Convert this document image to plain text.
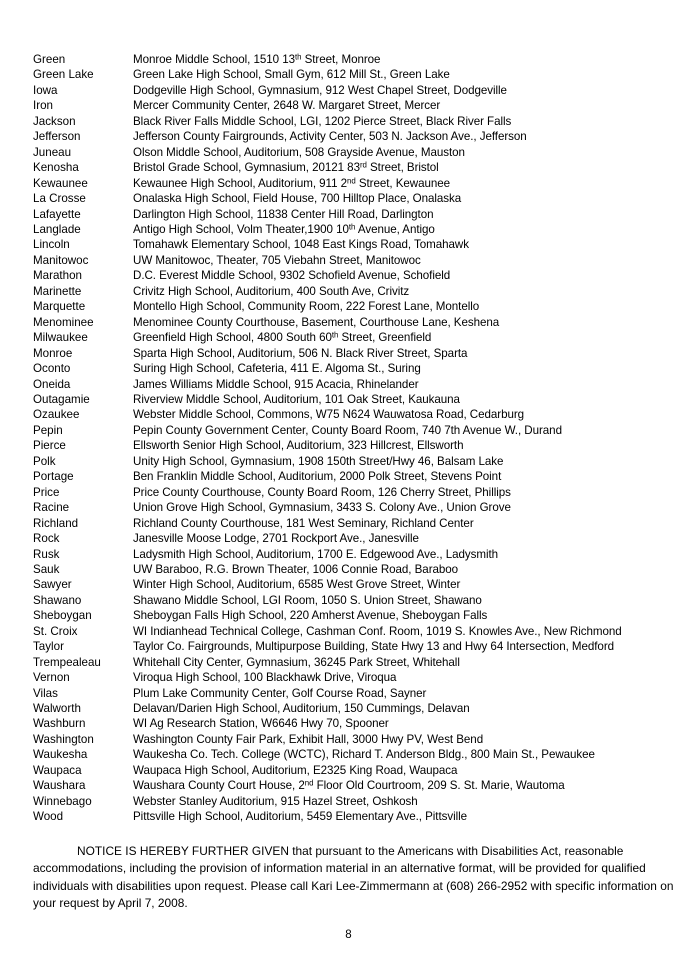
Green	Monroe Middle School, 1510 13th Street, Monroe
Green Lake	Green Lake High School, Small Gym, 612 Mill St., Green Lake
Iowa	Dodgeville High School, Gymnasium, 912 West Chapel Street, Dodgeville
Iron	Mercer Community Center, 2648 W. Margaret Street, Mercer
Jackson	Black River Falls Middle School, LGI, 1202 Pierce Street, Black River Falls
Jefferson	Jefferson County Fairgrounds, Activity Center, 503 N. Jackson Ave., Jefferson
Juneau	Olson Middle School, Auditorium, 508 Grayside Avenue, Mauston
Kenosha	Bristol Grade School, Gymnasium, 20121 83rd Street, Bristol
Kewaunee	Kewaunee High School, Auditorium, 911 2nd Street, Kewaunee
La Crosse	Onalaska High School, Field House, 700 Hilltop Place, Onalaska
Lafayette	Darlington High School, 11838 Center Hill Road, Darlington
Langlade	Antigo High School, Volm Theater,1900 10th Avenue, Antigo
Lincoln	Tomahawk Elementary School, 1048 East Kings Road, Tomahawk
Manitowoc	UW Manitowoc, Theater, 705 Viebahn Street, Manitowoc
Marathon	D.C. Everest Middle School, 9302 Schofield Avenue, Schofield
Marinette	Crivitz High School, Auditorium, 400 South Ave, Crivitz
Marquette	Montello High School, Community Room, 222 Forest Lane, Montello
Menominee	Menominee County Courthouse, Basement, Courthouse Lane, Keshena
Milwaukee	Greenfield High School, 4800 South 60th Street, Greenfield
Monroe	Sparta High School, Auditorium, 506 N. Black River Street, Sparta
Oconto	Suring High School, Cafeteria, 411 E. Algoma St., Suring
Oneida	James Williams Middle School, 915 Acacia, Rhinelander
Outagamie	Riverview Middle School, Auditorium, 101 Oak Street, Kaukauna
Ozaukee	Webster Middle School, Commons, W75 N624 Wauwatosa Road, Cedarburg
Pepin	Pepin County Government Center, County Board Room, 740 7th Avenue W., Durand
Pierce	Ellsworth Senior High School, Auditorium, 323 Hillcrest, Ellsworth
Polk	Unity High School, Gymnasium, 1908 150th Street/Hwy 46, Balsam Lake
Portage	Ben Franklin Middle School, Auditorium, 2000 Polk Street, Stevens Point
Price	Price County Courthouse, County Board Room, 126 Cherry Street, Phillips
Racine	Union Grove High School, Gymnasium, 3433 S. Colony Ave., Union Grove
Richland	Richland County Courthouse, 181 West Seminary, Richland Center
Rock	Janesville Moose Lodge, 2701 Rockport Ave., Janesville
Rusk	Ladysmith High School, Auditorium, 1700 E. Edgewood Ave., Ladysmith
Sauk	UW Baraboo, R.G. Brown Theater, 1006 Connie Road, Baraboo
Sawyer	Winter High School, Auditorium, 6585 West Grove Street, Winter
Shawano	Shawano Middle School, LGI Room, 1050 S. Union Street, Shawano
Sheboygan	Sheboygan Falls High School, 220 Amherst Avenue, Sheboygan Falls
St. Croix	WI Indianhead Technical College, Cashman Conf. Room, 1019 S. Knowles Ave., New Richmond
Taylor	Taylor Co. Fairgrounds, Multipurpose Building, State Hwy 13 and Hwy 64 Intersection, Medford
Trempealeau	Whitehall City Center, Gymnasium, 36245 Park Street, Whitehall
Vernon	Viroqua High School, 100 Blackhawk Drive, Viroqua
Vilas	Plum Lake Community Center, Golf Course Road, Sayner
Walworth	Delavan/Darien High School, Auditorium, 150 Cummings, Delavan
Washburn	WI Ag Research Station, W6646 Hwy 70, Spooner
Washington	Washington County Fair Park, Exhibit Hall, 3000 Hwy PV, West Bend
Waukesha	Waukesha Co. Tech. College (WCTC), Richard T. Anderson Bldg., 800 Main St., Pewaukee
Waupaca	Waupaca High School, Auditorium, E2325 King Road, Waupaca
Waushara	Waushara County Court House, 2nd Floor Old Courtroom, 209 S. St. Marie, Wautoma
Winnebago	Webster Stanley Auditorium, 915 Hazel Street, Oshkosh
Wood	Pittsville High School, Auditorium, 5459 Elementary Ave., Pittsville

NOTICE IS HEREBY FURTHER GIVEN that pursuant to the Americans with Disabilities Act, reasonable accommodations, including the provision of information material in an alternative format, will be provided for qualified individuals with disabilities upon request. Please call Kari Lee-Zimmermann at (608) 266-2952 with specific information on your request by April 7, 2008.

8
